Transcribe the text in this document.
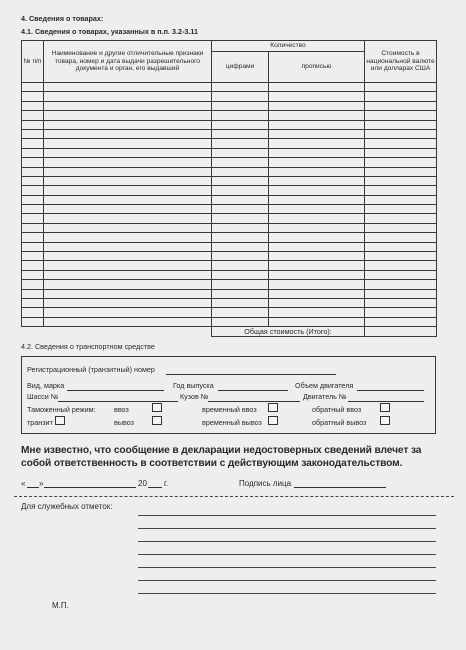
4. Сведения о товарах:
4.1. Сведения о товарах, указанных в п.п. 3.2-3.11
№ п/п	Наименование и другие отличительные признаки товара, номер и дата выдачи разрешительного документа и орган, его выдавший	Количество		Стоимость в национальной валюте или долларах США
		цифрами	прописью	

		Общая стоимость (Итого):		
4.2. Сведения о транспортном средстве
Регистрационный (транзитный) номер
Вид, марка	Год выпуска	Объем двигателя
Шасси №	Кузов №	Двигатель №
Таможенный режим:	ввоз	временный ввоз	обратный ввоз
транзит	вывоз	временный вывоз	обратный вывоз
Мне известно, что сообщение в декларации недостоверных сведений влечет за собой ответственность в соответствии с действующим законодательством.
« »	20 г.	Подпись лица
Для служебных отметок:
М.П.
